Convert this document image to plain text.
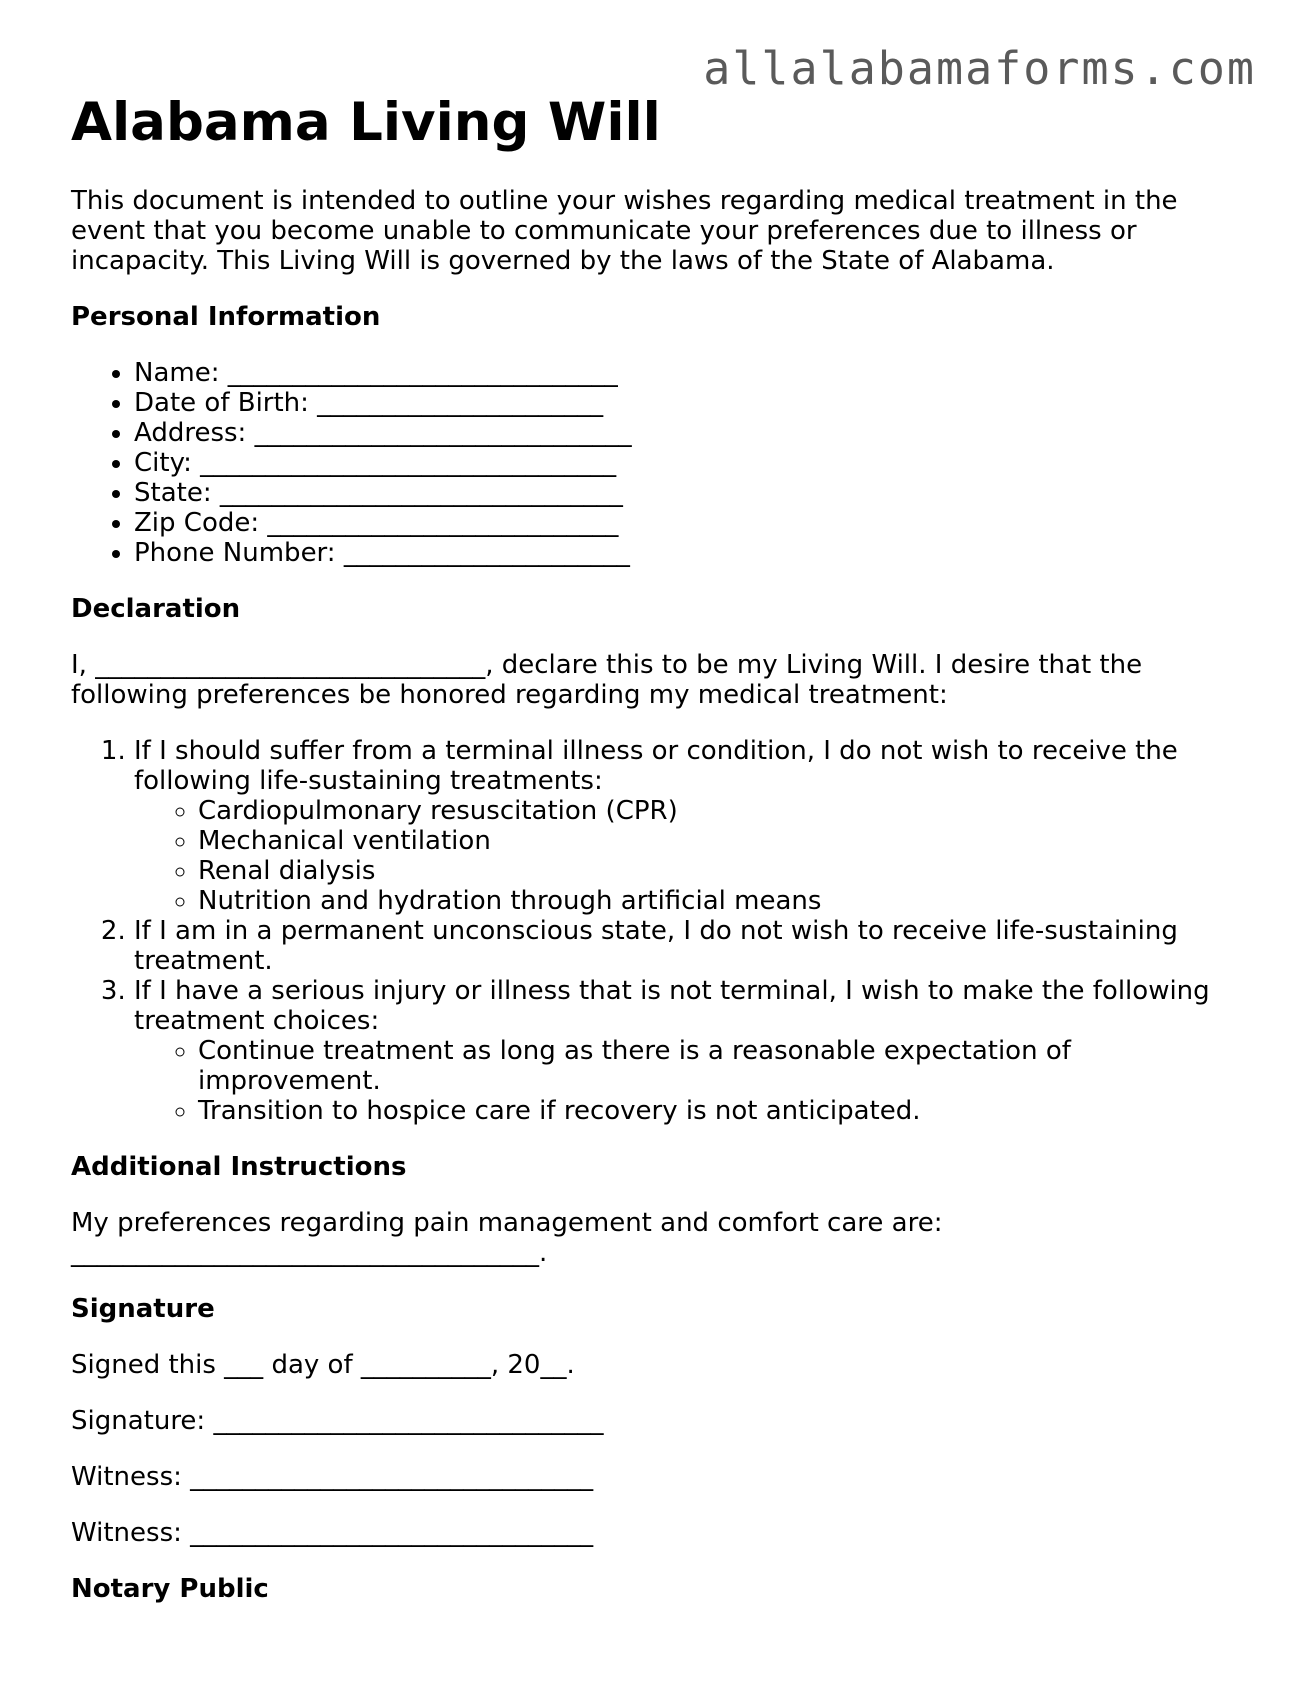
allalabamaforms.com
Alabama Living Will

This document is intended to outline your wishes regarding medical treatment in the event that you become unable to communicate your preferences due to illness or incapacity. This Living Will is governed by the laws of the State of Alabama.

Personal Information
• Name: ______________________________
• Date of Birth: ______________________
• Address: _____________________________
• City: ________________________________
• State: _______________________________
• Zip Code: ___________________________
• Phone Number: ______________________
Declaration

I, ______________________________, declare this to be my Living Will. I desire that the following preferences be honored regarding my medical treatment:

1. If I should suffer from a terminal illness or condition, I do not wish to receive the following life-sustaining treatments:
◦ Cardiopulmonary resuscitation (CPR)
◦ Mechanical ventilation
◦ Renal dialysis
◦ Nutrition and hydration through artificial means
2. If I am in a permanent unconscious state, I do not wish to receive life-sustaining treatment.
3. If I have a serious injury or illness that is not terminal, I wish to make the following treatment choices:
◦ Continue treatment as long as there is a reasonable expectation of improvement.
◦ Transition to hospice care if recovery is not anticipated.
Additional Instructions

My preferences regarding pain management and comfort care are: ____________________________________.

Signature

Signed this ___ day of __________, 20__.

Signature: ______________________________

Witness: _______________________________

Witness: _______________________________

Notary Public
